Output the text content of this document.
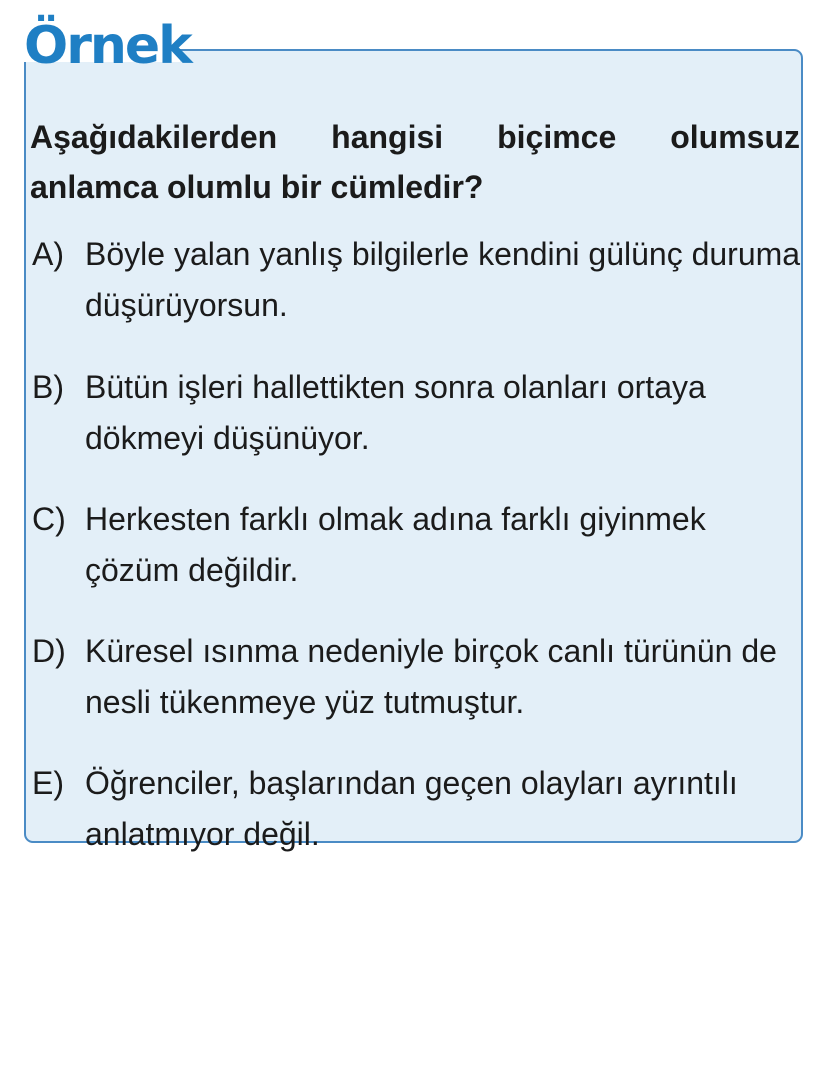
Örnek

Aşağıdakilerden hangisi biçimce olumsuz anlamca olumlu bir cümledir?

A) Böyle yalan yanlış bilgilerle kendini gülünç duruma düşürüyorsun.
B) Bütün işleri hallettikten sonra olanları ortaya dökmeyi düşünüyor.
C) Herkesten farklı olmak adına farklı giyinmek çözüm değildir.
D) Küresel ısınma nedeniyle birçok canlı türünün de nesli tükenmeye yüz tutmuştur.
E) Öğrenciler, başlarından geçen olayları ayrıntılı anlatmıyor değil.
